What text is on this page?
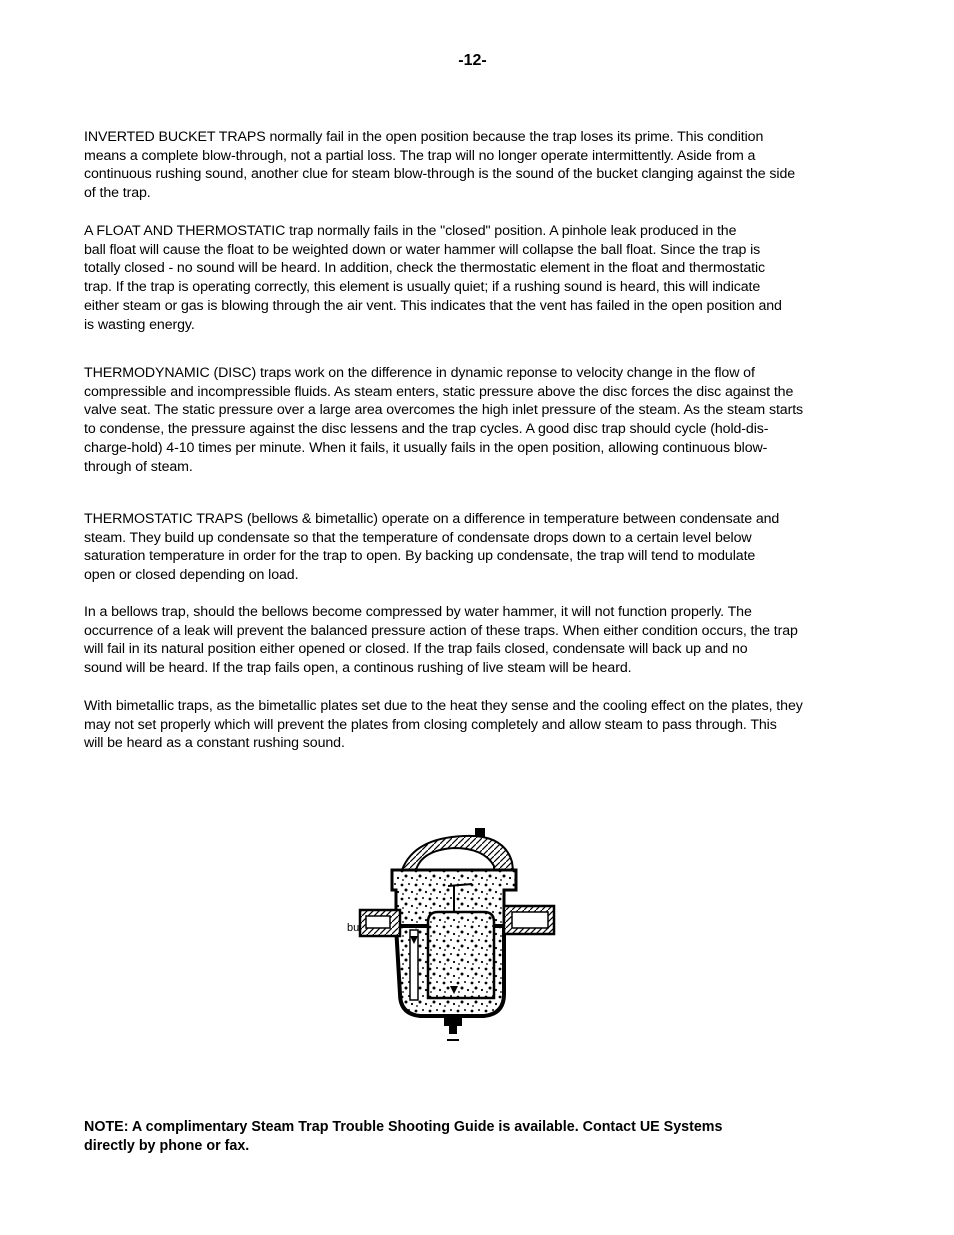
-12-
INVERTED BUCKET TRAPS normally fail in the open position because the trap loses its prime. This condition
means a complete blow-through, not a partial loss. The trap will no longer operate intermittently. Aside from a
continuous rushing sound, another clue for steam blow-through is the sound of the bucket clanging against the side
of the trap.
A FLOAT AND THERMOSTATIC trap normally fails in the "closed" position. A pinhole leak produced in the
ball float will cause the float to be weighted down or water hammer will collapse the ball float. Since the trap is
totally closed - no sound will be heard. In addition, check the thermostatic element in the float and thermostatic
trap. If the trap is operating correctly, this element is usually quiet; if a rushing sound is heard, this will indicate
either steam or gas is blowing through the air vent. This indicates that the vent has failed in the open position and
is wasting energy.
THERMODYNAMIC (DISC) traps work on the difference in dynamic reponse to velocity change in the flow of
compressible and incompressible fluids. As steam enters, static pressure above the disc forces the disc against the
valve seat. The static pressure over a large area overcomes the high inlet pressure of the steam. As the steam starts
to condense, the pressure against the disc lessens and the trap cycles. A good disc trap should cycle (hold-dis-
charge-hold) 4-10 times per minute. When it fails, it usually fails in the open position, allowing continuous blow-
through of steam.
THERMOSTATIC TRAPS (bellows & bimetallic) operate on a difference in temperature between condensate and
steam. They build up condensate so that the temperature of condensate drops down to a certain level below
saturation temperature in order for the trap to open. By backing up condensate, the trap will tend to modulate
open or closed depending on load.
In a bellows trap, should the bellows become compressed by water hammer, it will not function properly. The
occurrence of a leak will prevent the balanced pressure action of these traps. When either condition occurs, the trap
will fail in its natural position either opened or closed. If the trap fails closed, condensate will back up and no
sound will be heard. If the trap fails open, a continous rushing of live steam will be heard.
With bimetallic traps, as the bimetallic plates set due to the heat they sense and the cooling effect on the plates, they
may not set properly which will prevent the plates from closing completely and allow steam to pass through. This
will be heard as a constant rushing sound.
bu
NOTE: A complimentary Steam Trap Trouble Shooting Guide is available. Contact UE Systems
directly by phone or fax.
